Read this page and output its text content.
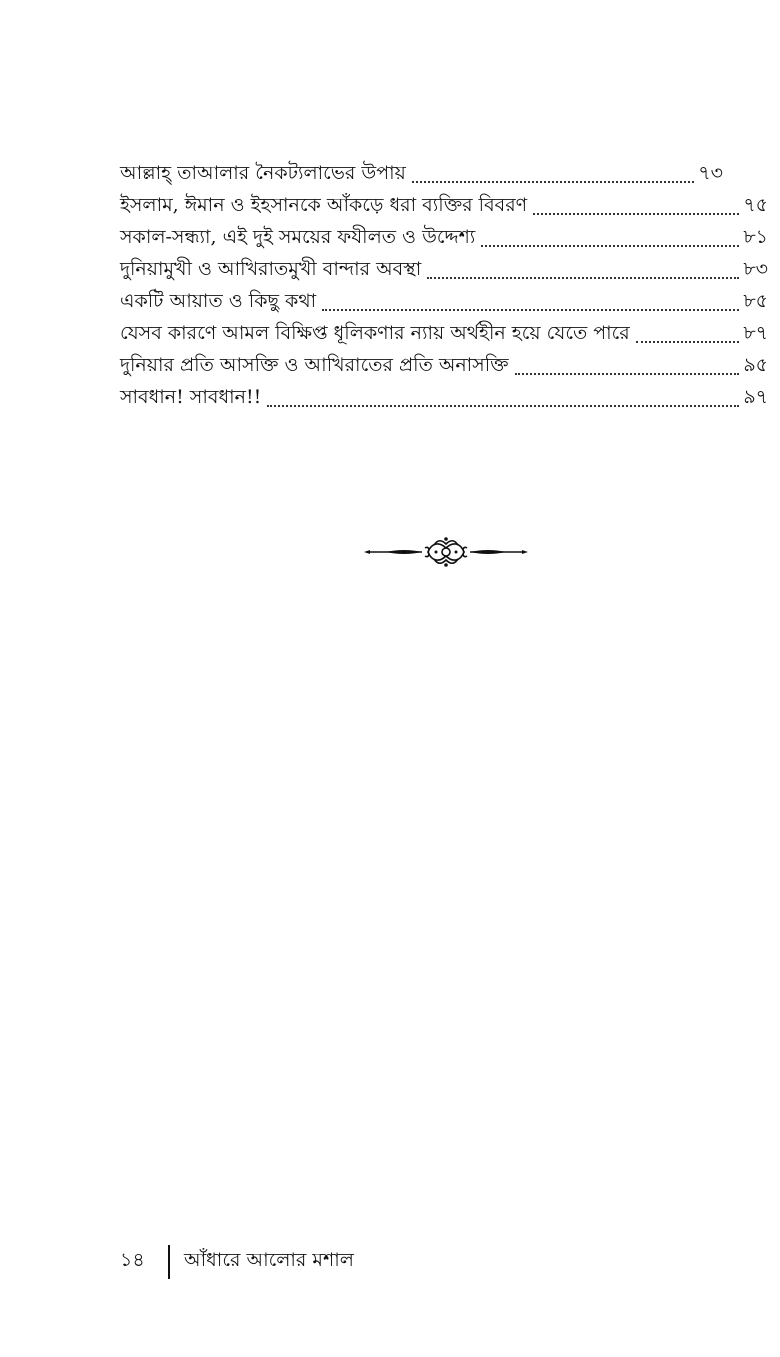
আল্লাহ্‌ তাআলার নৈকট্যলাভের উপায়	৭৩
ইসলাম, ঈমান ও ইহসানকে আঁকড়ে ধরা ব্যক্তির বিবরণ	৭৫
সকাল-সন্ধ্যা, এই দুই সময়ের ফযীলত ও উদ্দেশ্য	৮১
দুনিয়ামুখী ও আখিরাতমুখী বান্দার অবস্থা	৮৩
একটি আয়াত ও কিছু কথা	৮৫
যেসব কারণে আমল বিক্ষিপ্ত ধূলিকণার ন্যায় অর্থহীন হয়ে যেতে পারে	৮৭
দুনিয়ার প্রতি আসক্তি ও আখিরাতের প্রতি অনাসক্তি	৯৫
সাবধান! সাবধান!!	৯৭
১৪	আঁধারে আলোর মশাল
